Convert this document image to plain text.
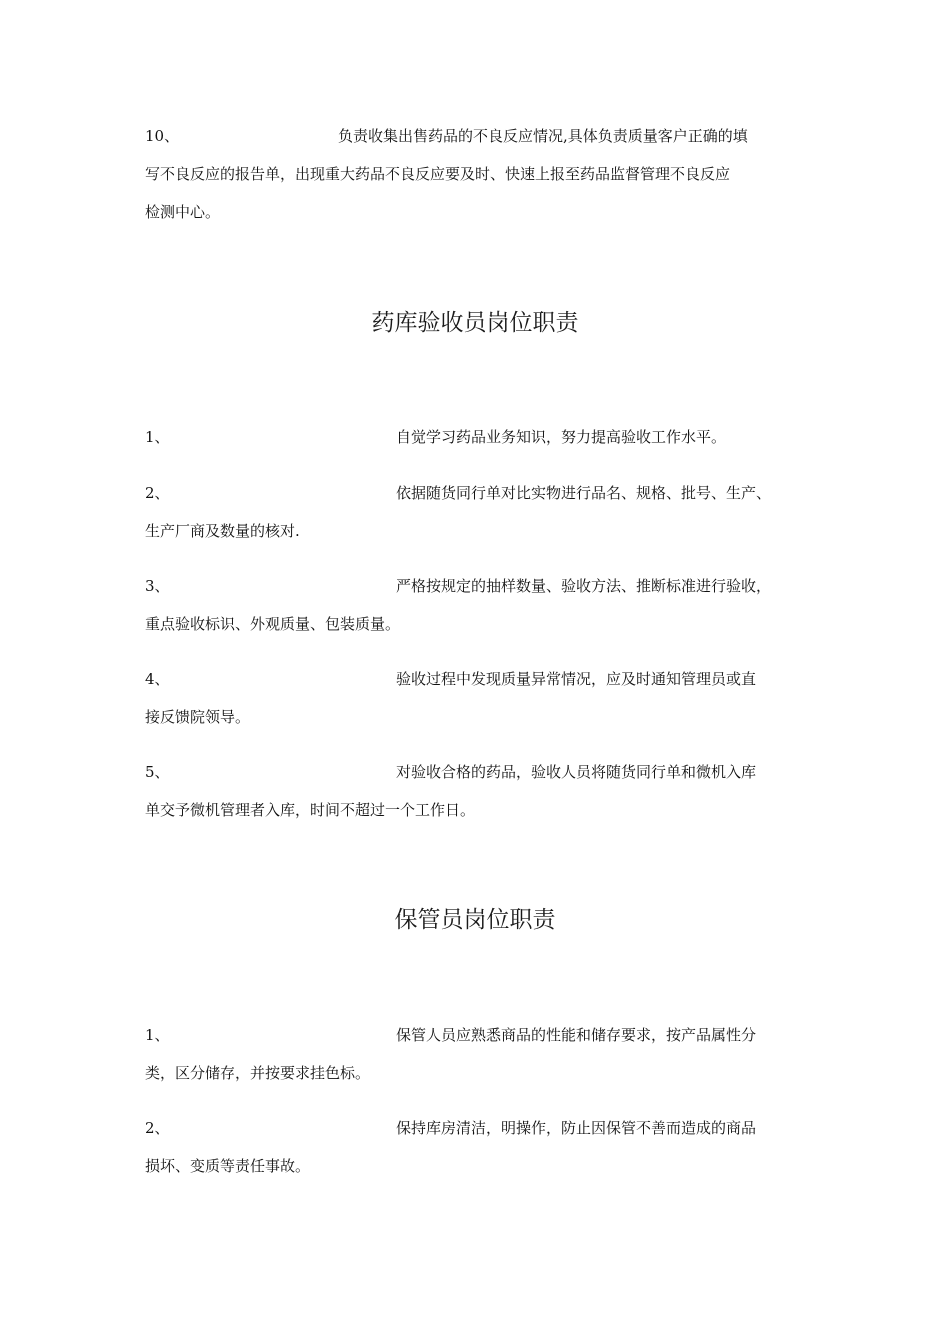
10、	负责收集出售药品的不良反应情况,具体负责质量客户正确的填
写不良反应的报告单，出现重大药品不良反应要及时、快速上报至药品监督管理不良反应
检测中心。
药库验收员岗位职责
1、	自觉学习药品业务知识，努力提高验收工作水平。
2、	依据随货同行单对比实物进行品名、规格、批号、生产、
生产厂商及数量的核对.
3、	严格按规定的抽样数量、验收方法、推断标准进行验收，
重点验收标识、外观质量、包装质量。
4、	验收过程中发现质量异常情况，应及时通知管理员或直
接反馈院领导。
5、	对验收合格的药品，验收人员将随货同行单和微机入库
单交予微机管理者入库，时间不超过一个工作日。
保管员岗位职责
1、	保管人员应熟悉商品的性能和储存要求，按产品属性分
类，区分储存，并按要求挂色标。
2、	保持库房清洁，明操作，防止因保管不善而造成的商品
损坏、变质等责任事故。
